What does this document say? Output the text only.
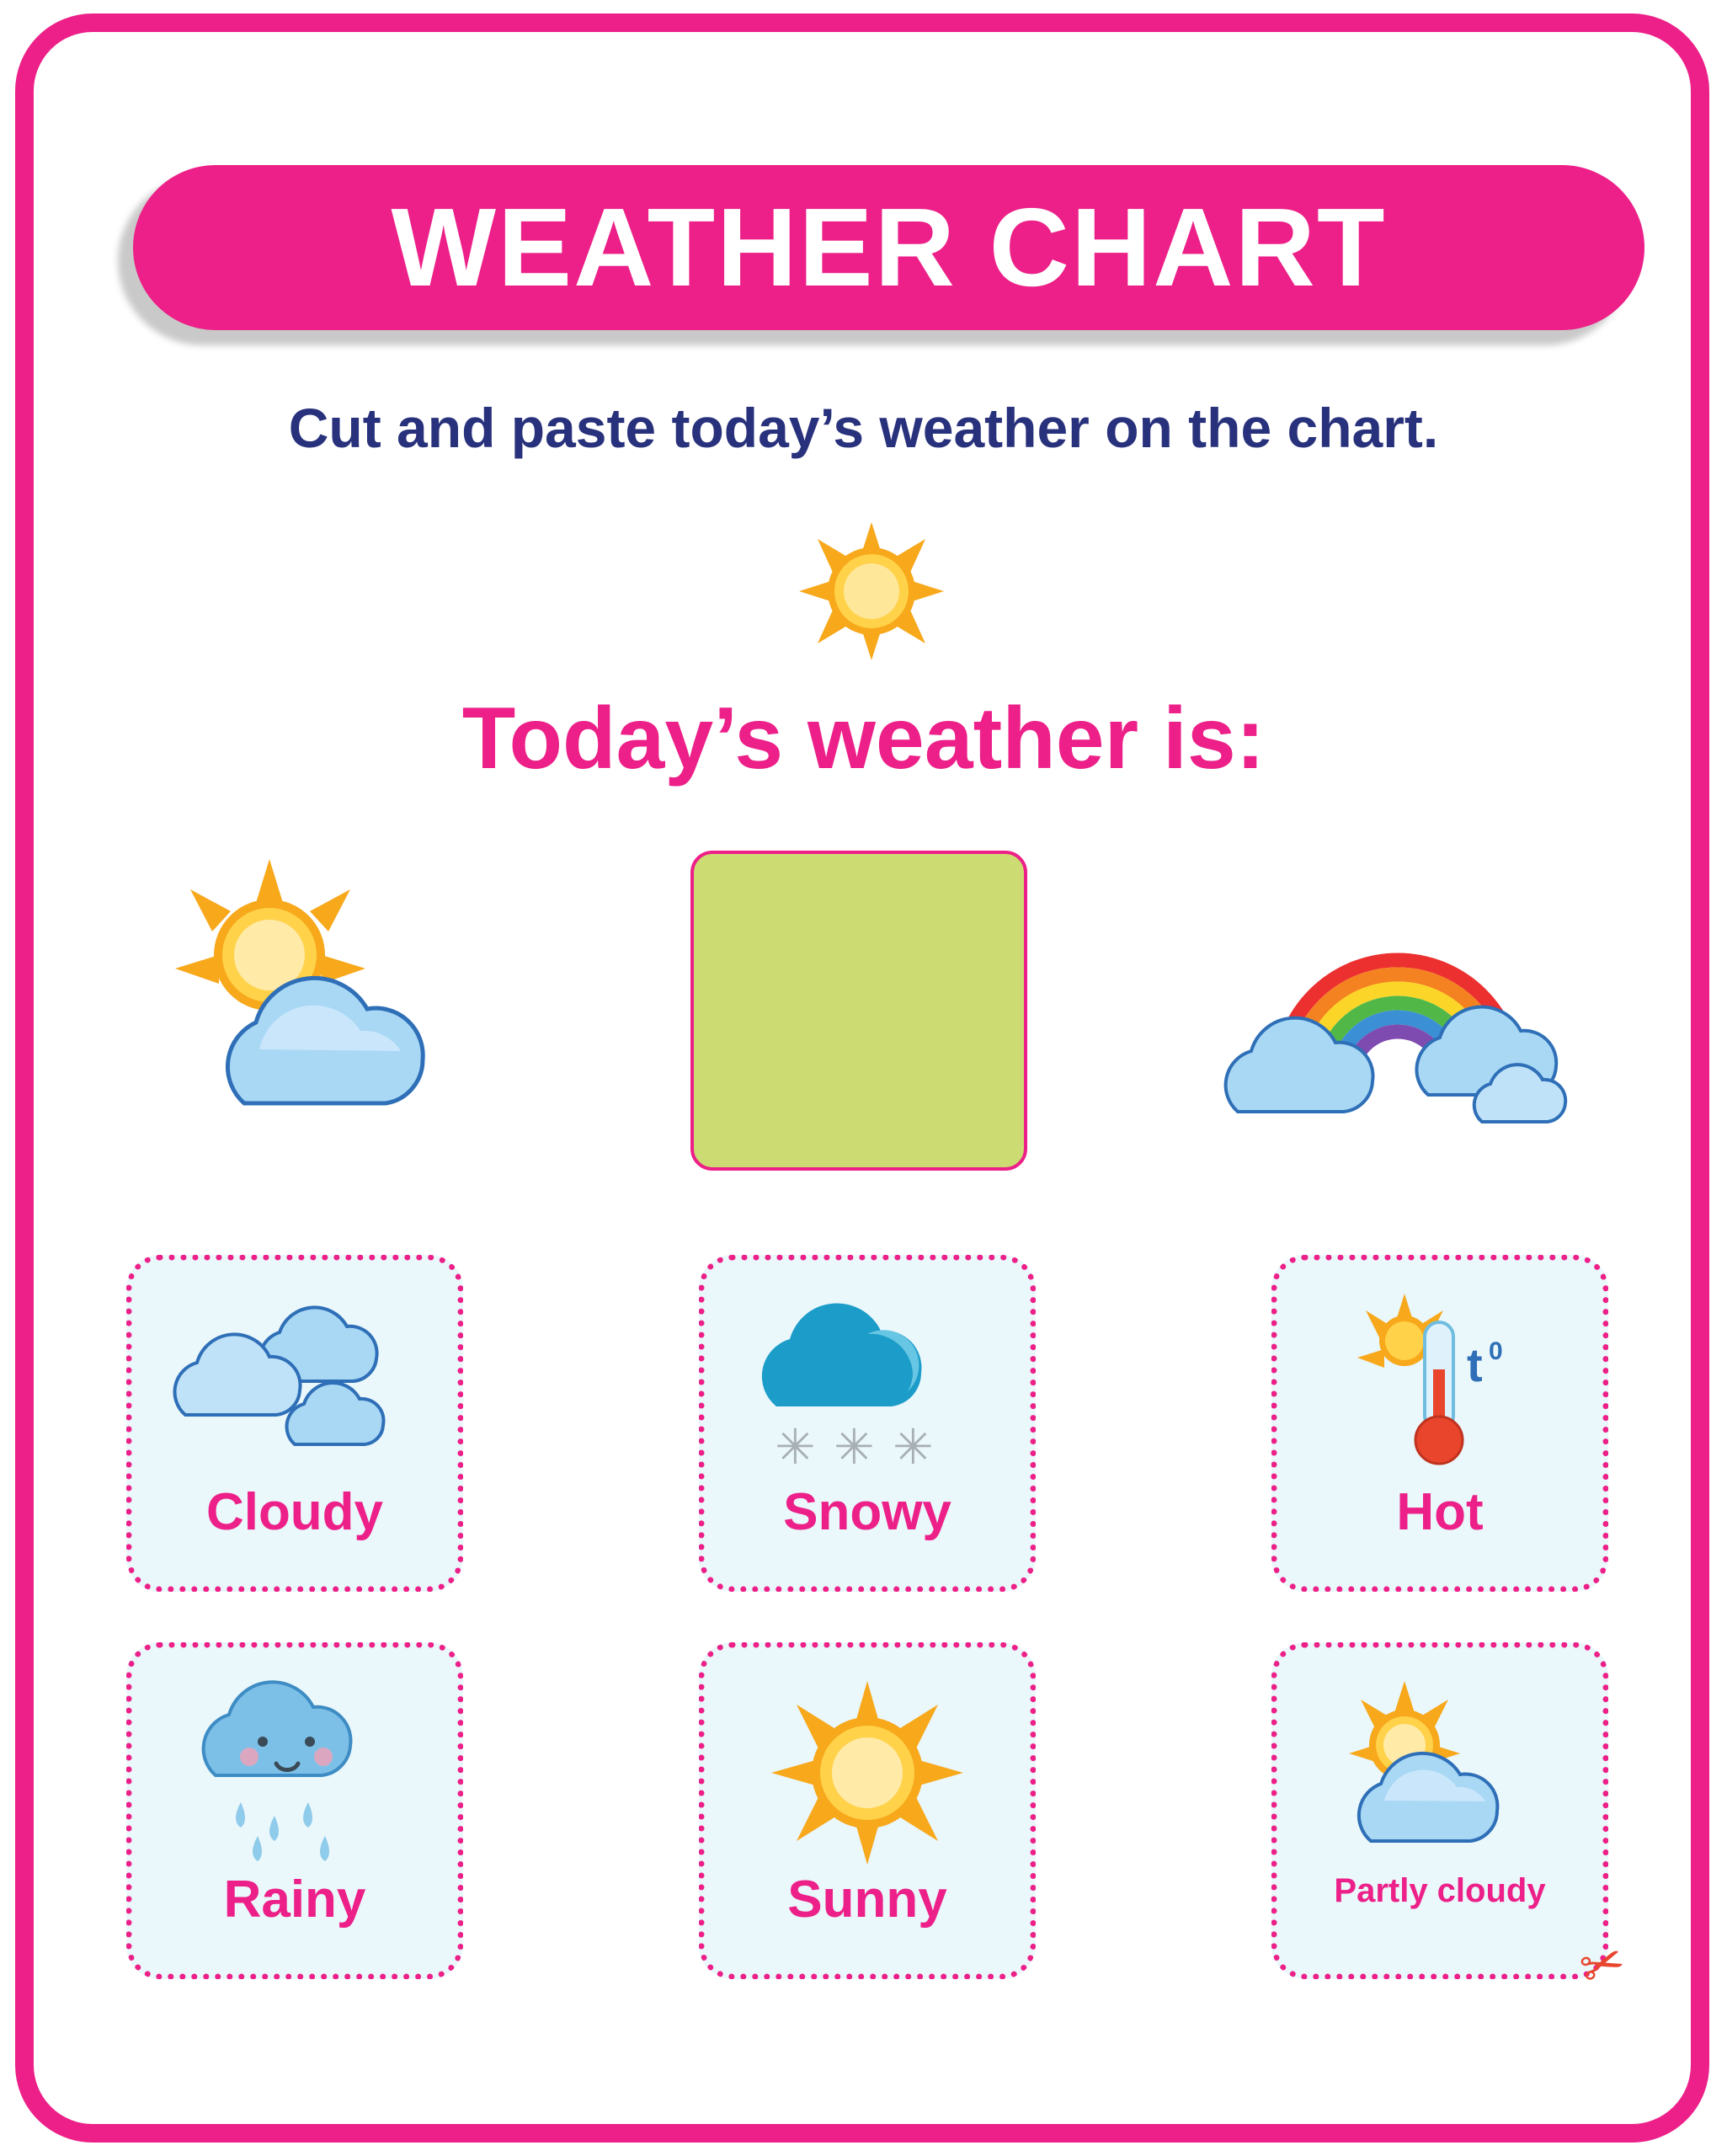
WEATHER CHART
Cut and paste today’s weather on the chart.
Today’s weather is:
Cloudy
✳ ✳ ✳
Snowy
t 0
Hot
Rainy	Sunny	Partly cloudy
✂
